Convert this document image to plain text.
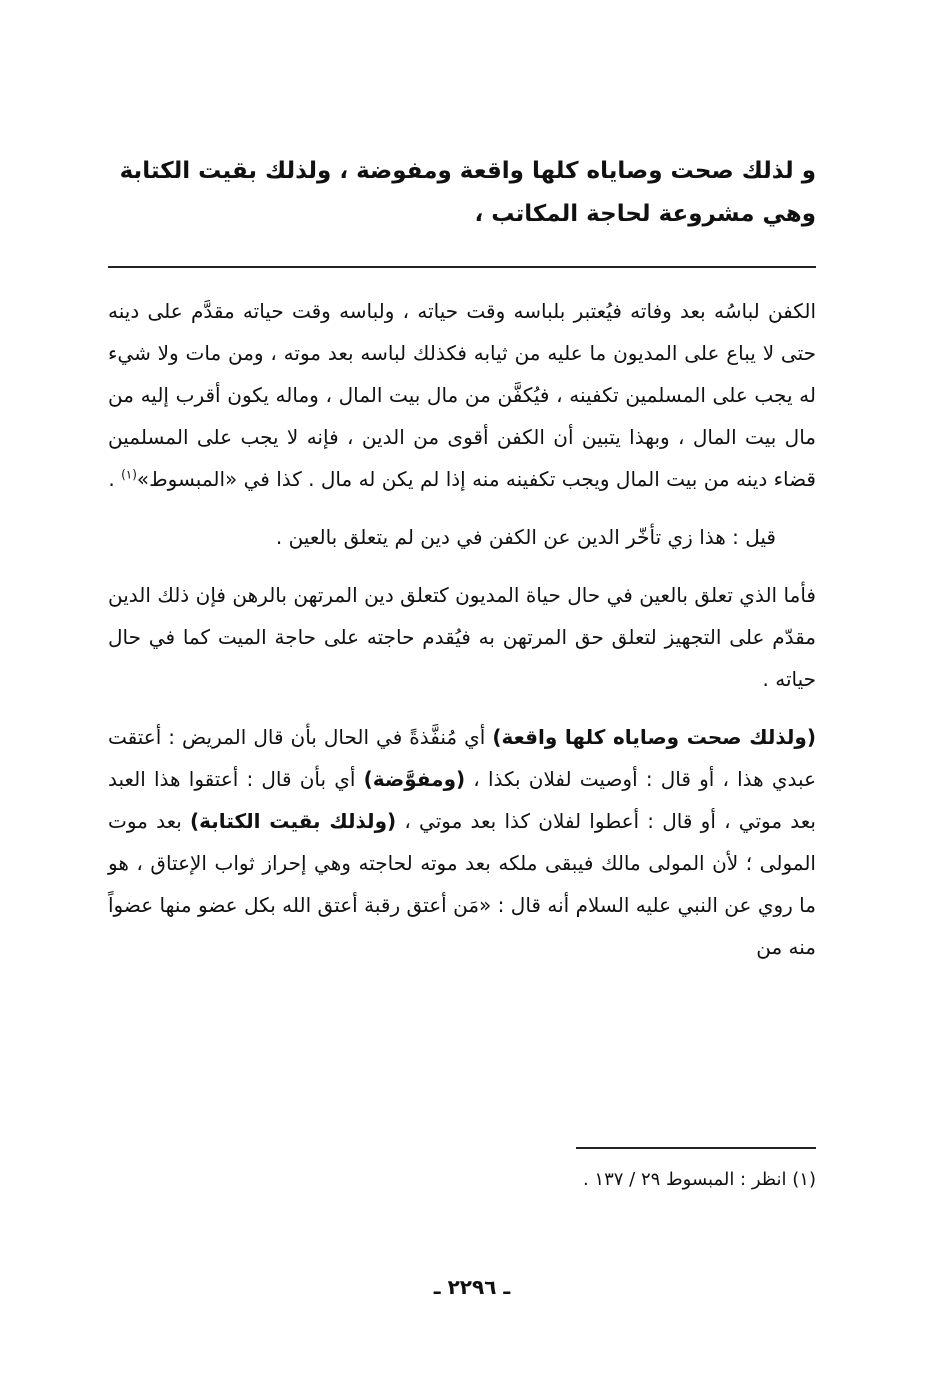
و لذلك صحت وصاياه كلها واقعة ومفوضة ، ولذلك بقيت الكتابة
وهي مشروعة لحاجة المكاتب ،

الكفن لباسُه بعد وفاته فيُعتبر بلباسه وقت حياته ، ولباسه وقت حياته مقدَّم على دينه حتى لا يباع على المديون ما عليه من ثيابه فكذلك لباسه بعد موته ، ومن مات ولا شيء له يجب على المسلمين تكفينه ، فيُكفَّن من مال بيت المال ، وماله يكون أقرب إليه من مال بيت المال ، وبهذا يتبين أن الكفن أقوى من الدين ، فإنه لا يجب على المسلمين قضاء دينه من بيت المال ويجب تكفينه منه إذا لم يكن له مال . كذا في «المبسوط»$^{(١)}$ .

قيل : هذا زي تأخّر الدين عن الكفن في دين لم يتعلق بالعين .

فأما الذي تعلق بالعين في حال حياة المديون كتعلق دين المرتهن بالرهن فإن ذلك الدين مقدّم على التجهيز لتعلق حق المرتهن به فيُقدم حاجته على حاجة الميت كما في حال حياته .

(ولذلك صحت وصاياه كلها واقعة) أي مُنفَّذةً في الحال بأن قال المريض : أعتقت عبدي هذا ، أو قال : أوصيت لفلان بكذا ، (ومفوَّضة) أي بأن قال : أعتقوا هذا العبد بعد موتي ، أو قال : أعطوا لفلان كذا بعد موتي ، (ولذلك بقيت الكتابة) بعد موت المولى ؛ لأن المولى مالك فيبقى ملكه بعد موته لحاجته وهي إحراز ثواب الإعتاق ، هو ما روي عن النبي عليه السلام أنه قال : «مَن أعتق رقبة أعتق الله بكل عضو منها عضواً منه من

(١) انظر : المبسوط ٢٩ / ١٣٧ .
ـ ٢٢٩٦ ـ
